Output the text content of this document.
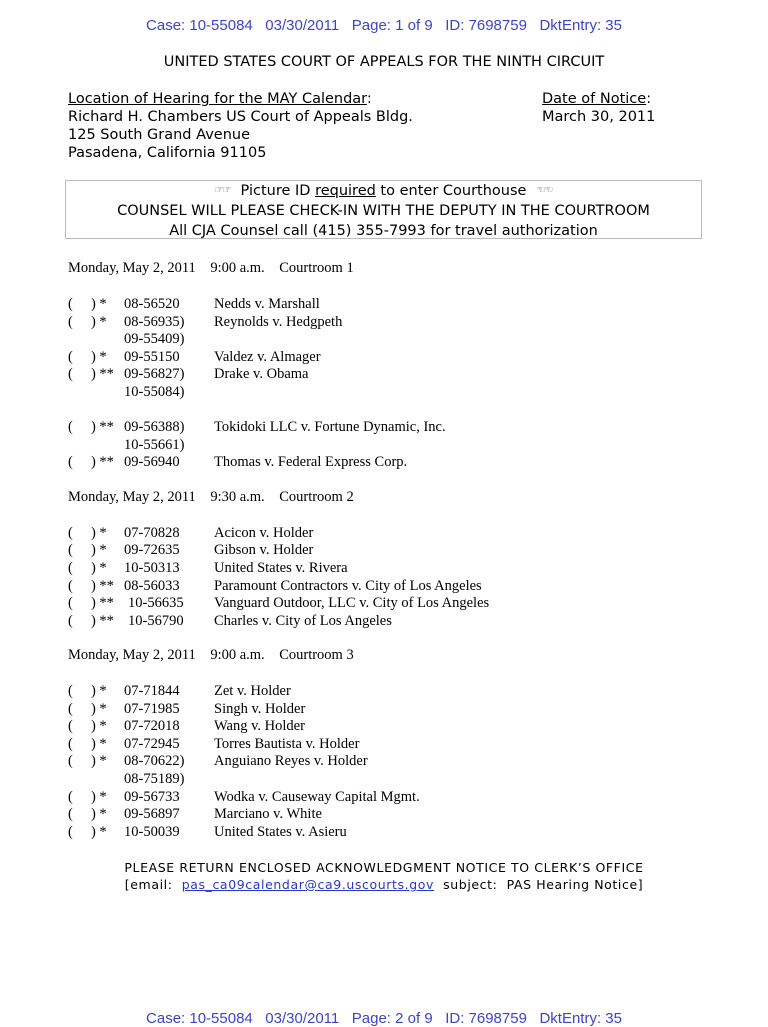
Case: 10-55084 03/30/2011 Page: 1 of 9 ID: 7698759 DktEntry: 35
UNITED STATES COURT OF APPEALS FOR THE NINTH CIRCUIT
Location of Hearing for the MAY Calendar:
Richard H. Chambers US Court of Appeals Bldg.
125 South Grand Avenue
Pasadena, California 91105
Date of Notice:
March 30, 2011
☞☞ Picture ID required to enter Courthouse ☜☜
COUNSEL WILL PLEASE CHECK-IN WITH THE DEPUTY IN THE COURTROOM
All CJA Counsel call (415) 355-7993 for travel authorization
Monday, May 2, 2011 9:00 a.m. Courtroom 1
(     ) * 08-56520 Nedds v. Marshall
(     ) * 08-56935) Reynolds v. Hedgpeth
09-55409)
(     ) * 09-55150 Valdez v. Almager
(     ) ** 09-56827) Drake v. Obama
10-55084)
(     ) ** 09-56388) Tokidoki LLC v. Fortune Dynamic, Inc.
10-55661)
(     ) ** 09-56940 Thomas v. Federal Express Corp.
Monday, May 2, 2011 9:30 a.m. Courtroom 2
(     ) * 07-70828 Acicon v. Holder
(     ) * 09-72635 Gibson v. Holder
(     ) * 10-50313 United States v. Rivera
(     ) ** 08-56033 Paramount Contractors v. City of Los Angeles
(     ) ** 10-56635 Vanguard Outdoor, LLC v. City of Los Angeles
(     ) ** 10-56790 Charles v. City of Los Angeles
Monday, May 2, 2011 9:00 a.m. Courtroom 3
(     ) * 07-71844 Zet v. Holder
(     ) * 07-71985 Singh v. Holder
(     ) * 07-72018 Wang v. Holder
(     ) * 07-72945 Torres Bautista v. Holder
(     ) * 08-70622) Anguiano Reyes v. Holder
08-75189)
(     ) * 09-56733 Wodka v. Causeway Capital Mgmt.
(     ) * 09-56897 Marciano v. White
(     ) * 10-50039 United States v. Asieru
PLEASE RETURN ENCLOSED ACKNOWLEDGMENT NOTICE TO CLERK’S OFFICE
[email:  pas_ca09calendar@ca9.uscourts.gov  subject:  PAS Hearing Notice]
Case: 10-55084 03/30/2011 Page: 2 of 9 ID: 7698759 DktEntry: 35
